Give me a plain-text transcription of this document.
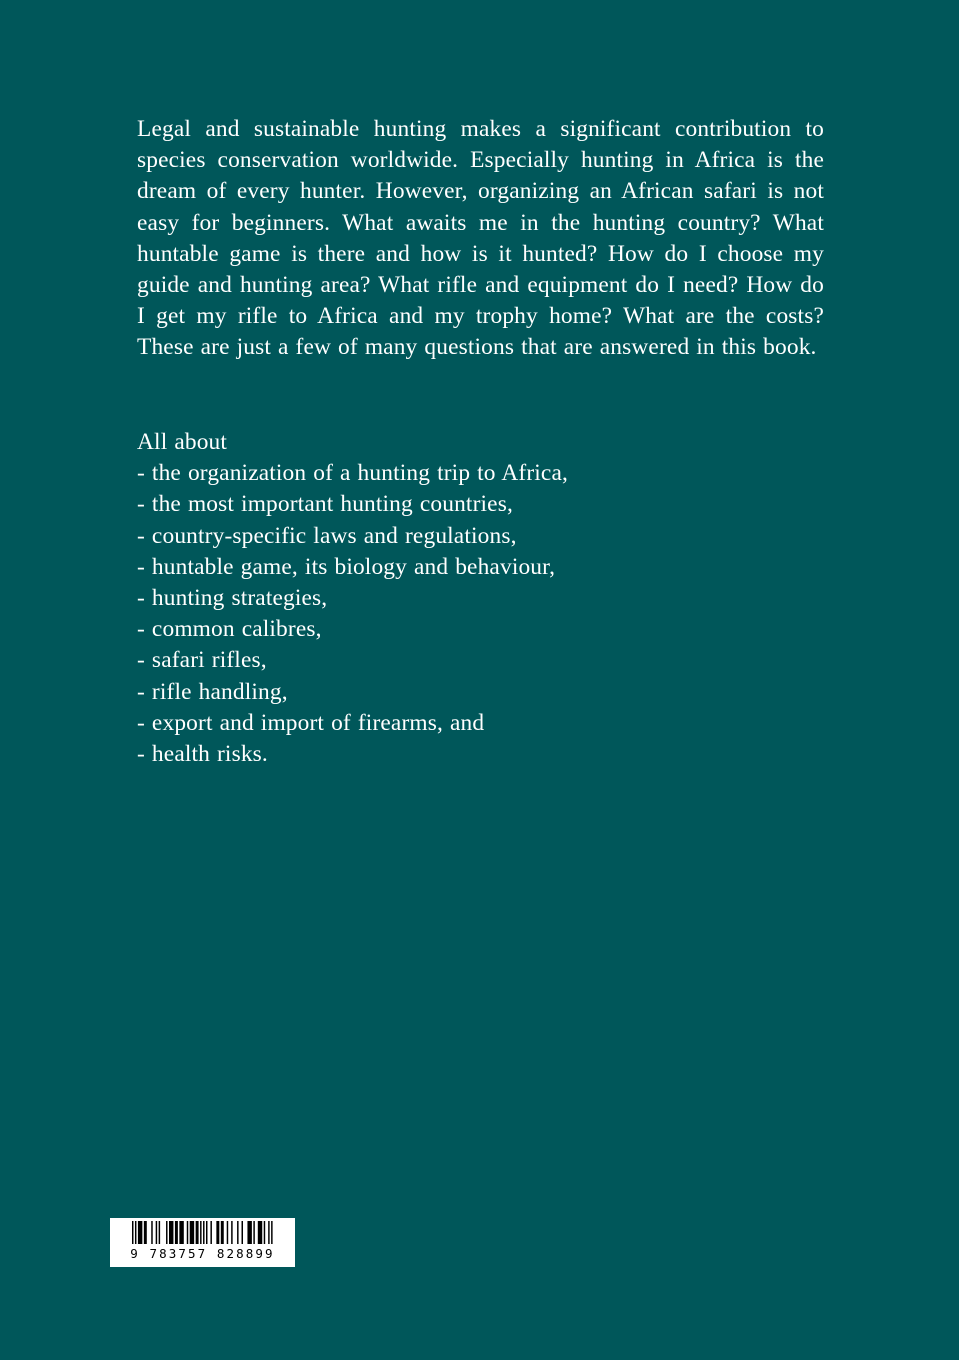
Legal and sustainable hunting makes a significant contribution to species conservation worldwide. Especially hunting in Africa is the dream of every hunter. However, organizing an African safari is not easy for beginners. What awaits me in the hunting country? What huntable game is there and how is it hunted? How do I choose my guide and hunting area? What rifle and equipment do I need? How do I get my rifle to Africa and my trophy home? What are the costs? These are just a few of many questions that are answered in this book.

All about

- the organization of a hunting trip to Africa,
- the most important hunting countries,
- country-specific laws and regulations,
- huntable game, its biology and behaviour,
- hunting strategies,
- common calibres,
- safari rifles,
- rifle handling,
- export and import of firearms, and
- health risks.
9 783757 828899
